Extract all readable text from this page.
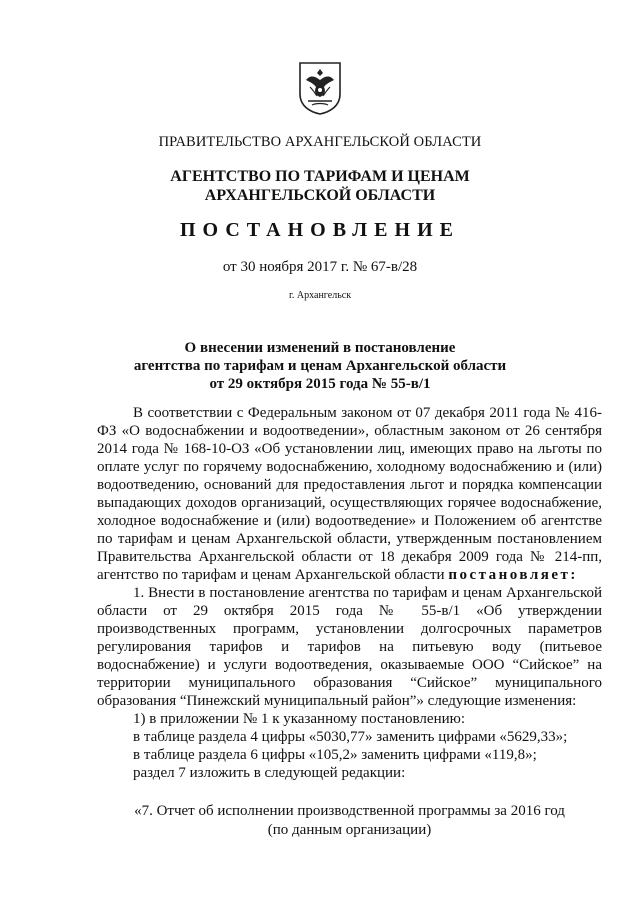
ПРАВИТЕЛЬСТВО АРХАНГЕЛЬСКОЙ ОБЛАСТИ
АГЕНТСТВО ПО ТАРИФАМ И ЦЕНАМ
АРХАНГЕЛЬСКОЙ ОБЛАСТИ
ПОСТАНОВЛЕНИЕ
от 30 ноября 2017 г. № 67-в/28
г. Архангельск
О внесении изменений в постановление
агентства по тарифам и ценам Архангельской области
от 29 октября 2015 года № 55-в/1

В соответствии с Федеральным законом от 07 декабря 2011 года № 416-ФЗ «О водоснабжении и водоотведении», областным законом от 26 сентября 2014 года № 168-10-ОЗ «Об установлении лиц, имеющих право на льготы по оплате услуг по горячему водоснабжению, холодному водоснабжению и (или) водоотведению, оснований для предоставления льгот и порядка компенсации выпадающих доходов организаций, осуществляющих горячее водоснабжение, холодное водоснабжение и (или) водоотведение» и Положением об агентстве по тарифам и ценам Архангельской области, утвержденным постановлением Правительства Архангельской области от 18 декабря 2009 года № 214-пп, агентство по тарифам и ценам Архангельской области постановляет:

1. Внести в постановление агентства по тарифам и ценам Архангельской области от 29 октября 2015 года № 55-в/1 «Об утверждении производственных программ, установлении долгосрочных параметров регулирования тарифов и тарифов на питьевую воду (питьевое водоснабжение) и услуги водоотведения, оказываемые ООО “Сийское” на территории муниципального образования “Сийское” муниципального образования “Пинежский муниципальный район”» следующие изменения:

1) в приложении № 1 к указанному постановлению:

в таблице раздела 4 цифры «5030,77» заменить цифрами «5629,33»;

в таблице раздела 6 цифры «105,2» заменить цифрами «119,8»;

раздел 7 изложить в следующей редакции:

«7. Отчет об исполнении производственной программы за 2016 год
(по данным организации)
